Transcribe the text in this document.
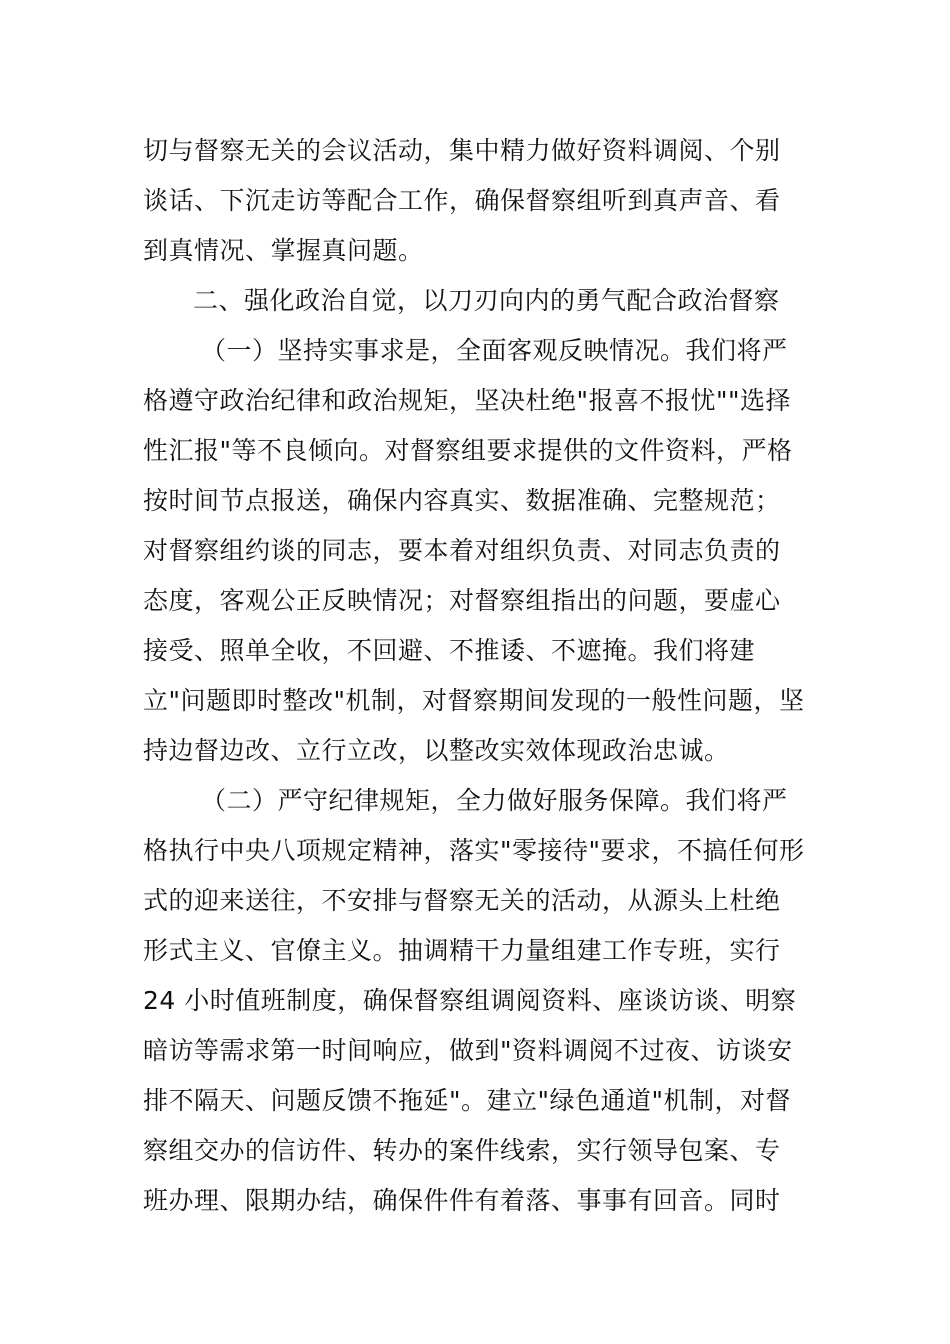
切与督察无关的会议活动，集中精力做好资料调阅、个别
谈话、下沉走访等配合工作，确保督察组听到真声音、看
到真情况、掌握真问题。
二、强化政治自觉，以刀刃向内的勇气配合政治督察
（一）坚持实事求是，全面客观反映情况。我们将严
格遵守政治纪律和政治规矩，坚决杜绝"报喜不报忧""选择
性汇报"等不良倾向。对督察组要求提供的文件资料，严格
按时间节点报送，确保内容真实、数据准确、完整规范；
对督察组约谈的同志，要本着对组织负责、对同志负责的
态度，客观公正反映情况；对督察组指出的问题，要虚心
接受、照单全收，不回避、不推诿、不遮掩。我们将建
立"问题即时整改"机制，对督察期间发现的一般性问题，坚
持边督边改、立行立改，以整改实效体现政治忠诚。
（二）严守纪律规矩，全力做好服务保障。我们将严
格执行中央八项规定精神，落实"零接待"要求，不搞任何形
式的迎来送往，不安排与督察无关的活动，从源头上杜绝
形式主义、官僚主义。抽调精干力量组建工作专班，实行
24 小时值班制度，确保督察组调阅资料、座谈访谈、明察
暗访等需求第一时间响应，做到"资料调阅不过夜、访谈安
排不隔天、问题反馈不拖延"。建立"绿色通道"机制，对督
察组交办的信访件、转办的案件线索，实行领导包案、专
班办理、限期办结，确保件件有着落、事事有回音。同时
